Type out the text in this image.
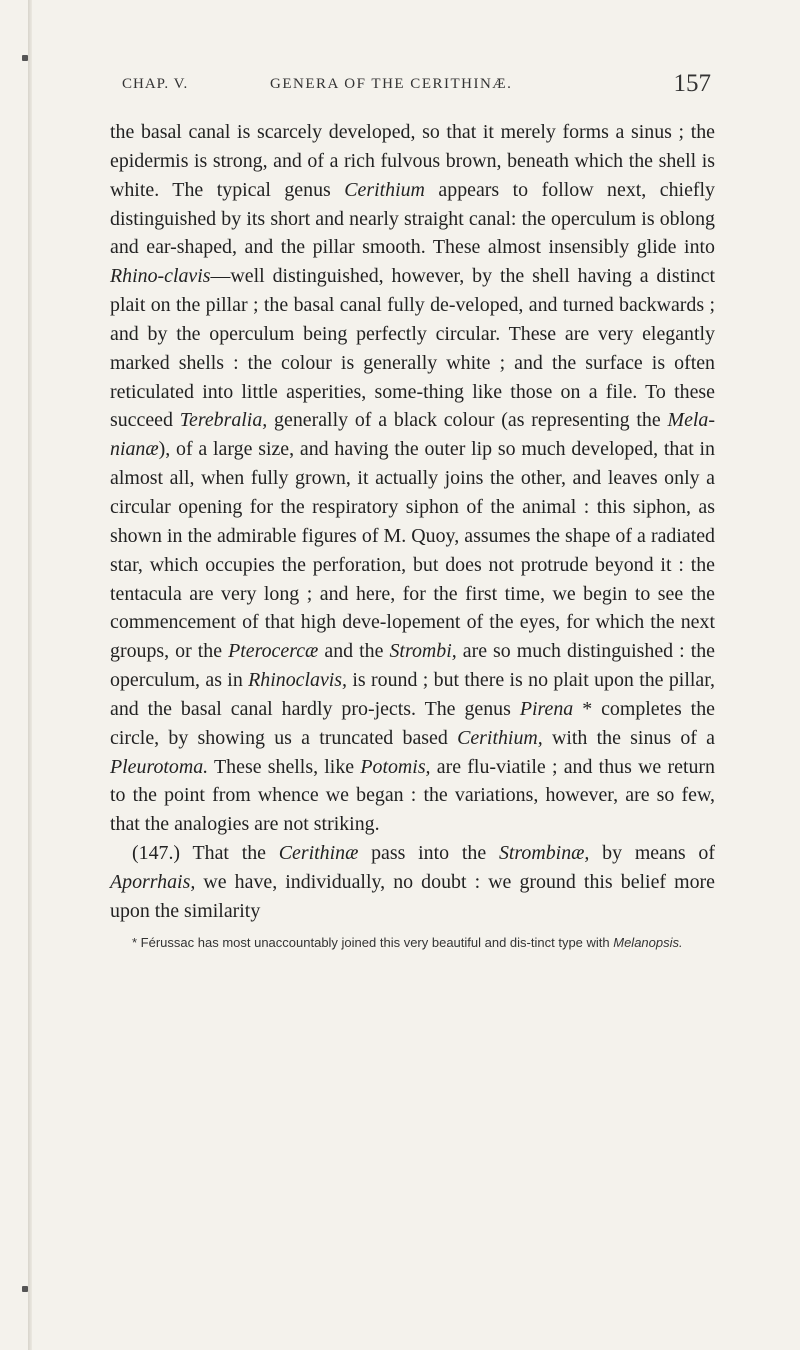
CHAP. V.	GENERA OF THE CERITHINÆ.	157

the basal canal is scarcely developed, so that it merely forms a sinus ; the epidermis is strong, and of a rich fulvous brown, beneath which the shell is white. The typical genus Cerithium appears to follow next, chiefly distinguished by its short and nearly straight canal: the operculum is oblong and ear-shaped, and the pillar smooth. These almost insensibly glide into Rhino-clavis—well distinguished, however, by the shell having a distinct plait on the pillar ; the basal canal fully de-veloped, and turned backwards ; and by the operculum being perfectly circular. These are very elegantly marked shells : the colour is generally white ; and the surface is often reticulated into little asperities, some-thing like those on a file. To these succeed Terebralia, generally of a black colour (as representing the Mela-nianæ), of a large size, and having the outer lip so much developed, that in almost all, when fully grown, it actually joins the other, and leaves only a circular opening for the respiratory siphon of the animal : this siphon, as shown in the admirable figures of M. Quoy, assumes the shape of a radiated star, which occupies the perforation, but does not protrude beyond it : the tentacula are very long ; and here, for the first time, we begin to see the commencement of that high deve-lopement of the eyes, for which the next groups, or the Pterocercæ and the Strombi, are so much distinguished : the operculum, as in Rhinoclavis, is round ; but there is no plait upon the pillar, and the basal canal hardly pro-jects. The genus Pirena * completes the circle, by showing us a truncated based Cerithium, with the sinus of a Pleurotoma. These shells, like Potomis, are flu-viatile ; and thus we return to the point from whence we began : the variations, however, are so few, that the analogies are not striking.

(147.) That the Cerithinæ pass into the Strombinæ, by means of Aporrhais, we have, individually, no doubt : we ground this belief more upon the similarity

* Férussac has most unaccountably joined this very beautiful and dis-tinct type with Melanopsis.
